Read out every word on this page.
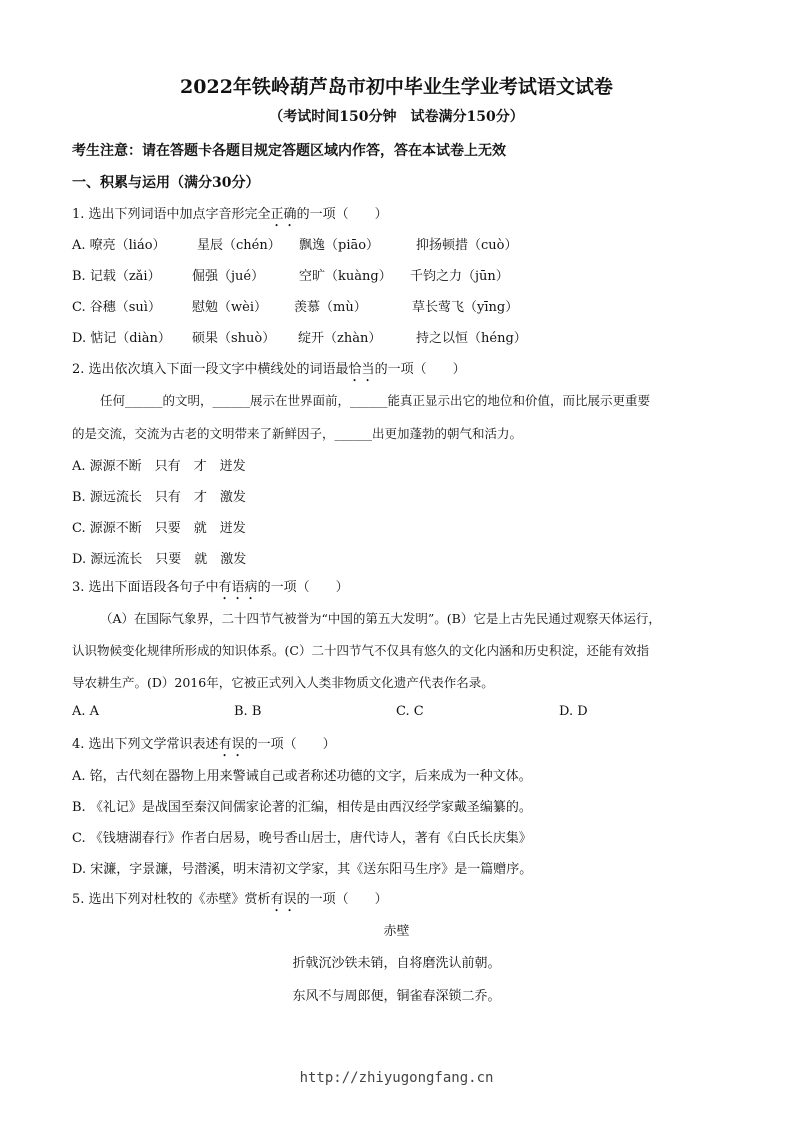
2022年铁岭葫芦岛市初中毕业生学业考试语文试卷
（考试时间150分钟　试卷满分150分）
考生注意：请在答题卡各题目规定答题区域内作答，答在本试卷上无效
一、积累与运用（满分30分）
1. 选出下列词语中加点字音形完全正确的一项（　　）
A. 嘹亮（liáo） 星辰（chén） 飘逸（piāo）	抑扬顿措（cuò）
B. 记载（zǎi） 倔强（jué）	空旷（kuàng） 千钧之力（jūn）
C. 谷穗（suì） 慰勉（wèi） 羡慕（mù）	草长莺飞（yīng）
D. 惦记（diàn） 硕果（shuò） 绽开（zhàn）	持之以恒（héng）
2. 选出依次填入下面一段文字中横线处的词语最恰当的一项（　　）
任何______的文明，______展示在世界面前，______能真正显示出它的地位和价值，而比展示更重要
的是交流，交流为古老的文明带来了新鲜因子，______出更加蓬勃的朝气和活力。
A. 源源不断　只有　才　迸发
B. 源远流长　只有　才　激发
C. 源源不断　只要　就　迸发
D. 源远流长　只要　就　激发
3. 选出下面语段各句子中有语病的一项（　　）
（A）在国际气象界，二十四节气被誉为“中国的第五大发明”。(B）它是上古先民通过观察天体运行，
认识物候变化规律所形成的知识体系。(C）二十四节气不仅具有悠久的文化内涵和历史积淀，还能有效指
导农耕生产。(D）2016年，它被正式列入人类非物质文化遗产代表作名录。
A. A	B. B	C. C	D. D
4. 选出下列文学常识表述有误的一项（　　）
A. 铭，古代刻在器物上用来警诫自己或者称述功德的文字，后来成为一种文体。
B. 《礼记》是战国至秦汉间儒家论著的汇编，相传是由西汉经学家戴圣编纂的。
C. 《钱塘湖春行》作者白居易，晚号香山居士，唐代诗人，著有《白氏长庆集》
D. 宋濂，字景濂，号潜溪，明末清初文学家，其《送东阳马生序》是一篇赠序。
5. 选出下列对杜牧的《赤壁》赏析有误的一项（　　）
赤壁
折戟沉沙铁未销，自将磨洗认前朝。
东风不与周郎便，铜雀春深锁二乔。
http://zhiyugongfang.cn
